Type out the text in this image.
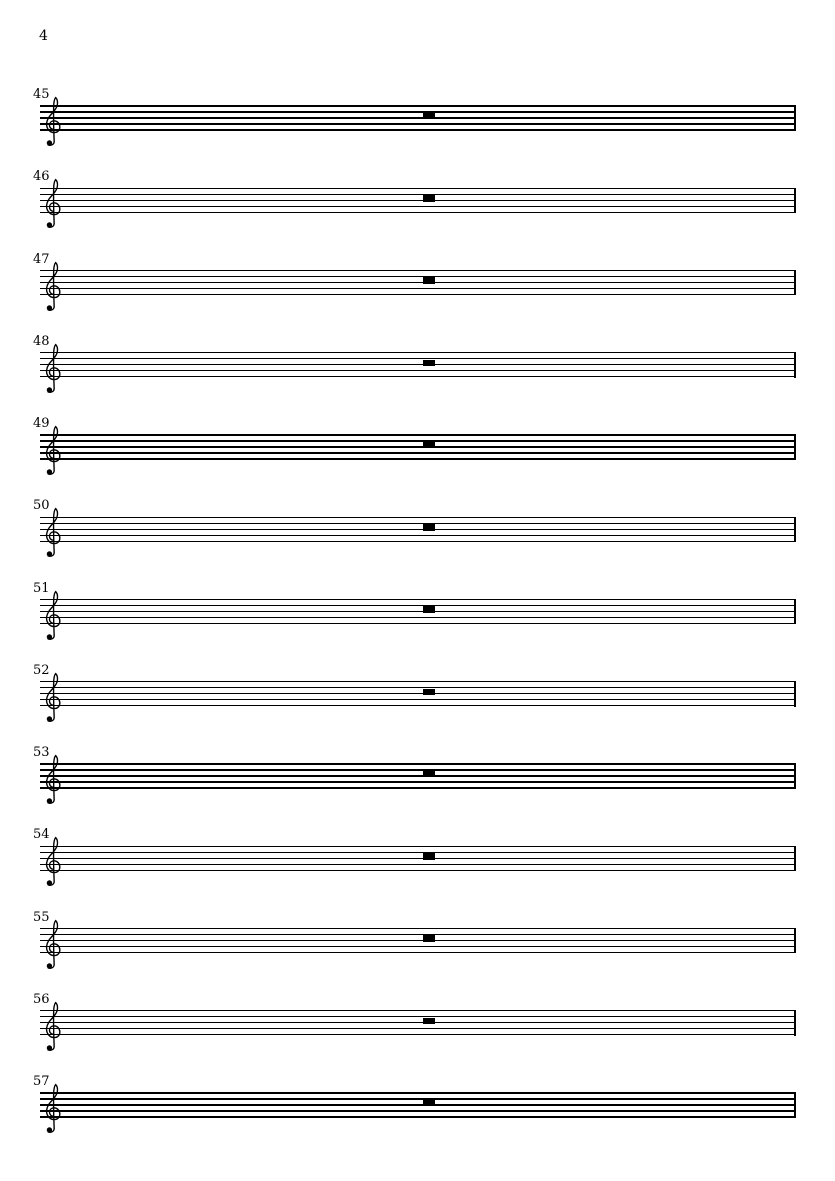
4
45
46
47
48
49
50
51
52
53
54
55
56
57
